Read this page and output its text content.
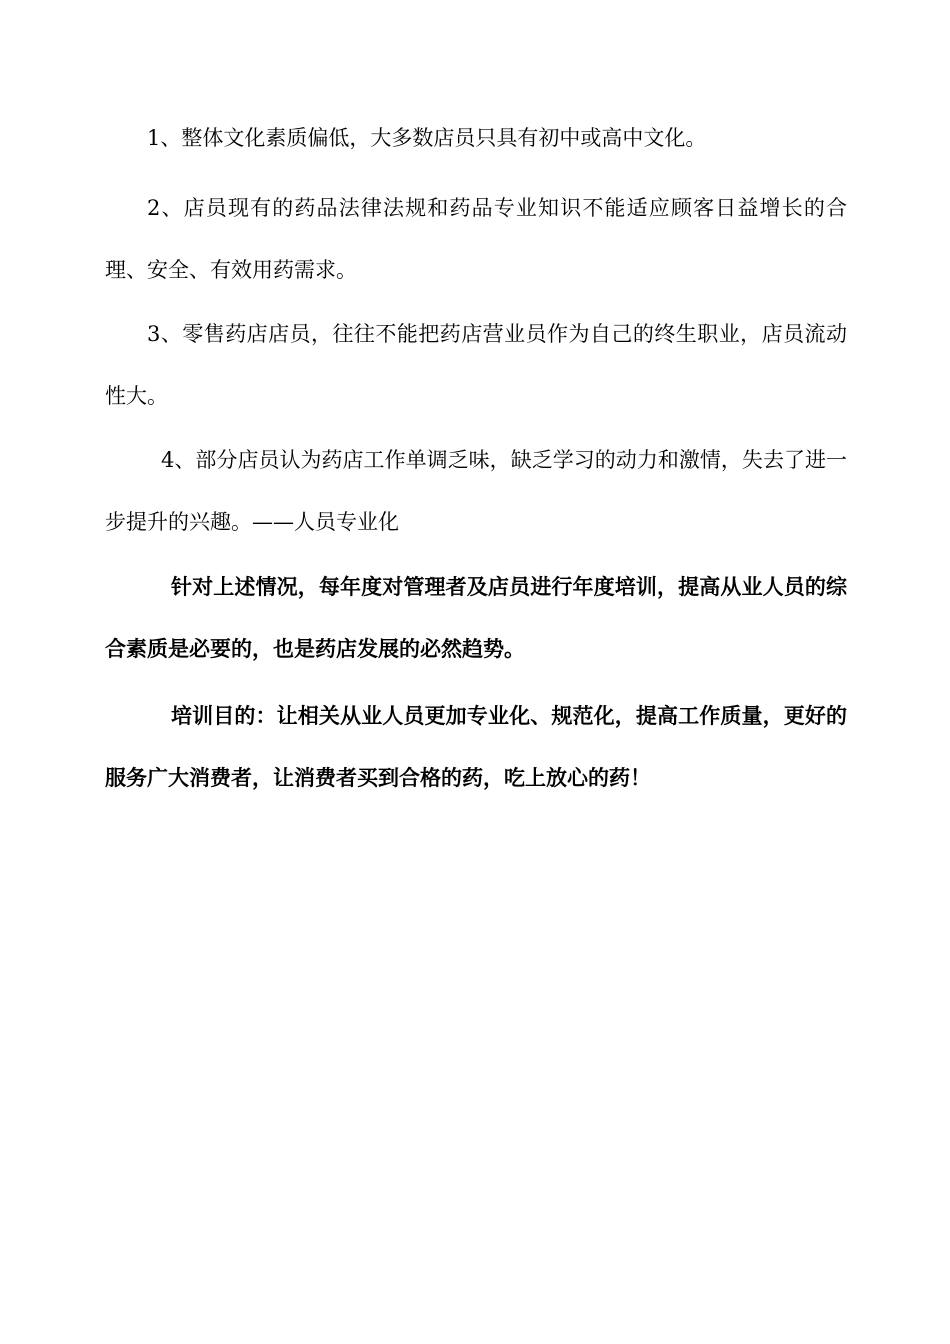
1、整体文化素质偏低，大多数店员只具有初中或高中文化。

2、店员现有的药品法律法规和药品专业知识不能适应顾客日益增长的合理、安全、有效用药需求。

3、零售药店店员，往往不能把药店营业员作为自己的终生职业，店员流动性大。

4、部分店员认为药店工作单调乏味，缺乏学习的动力和激情，失去了进一步提升的兴趣。——人员专业化

针对上述情况，每年度对管理者及店员进行年度培训，提高从业人员的综合素质是必要的，也是药店发展的必然趋势。

培训目的：让相关从业人员更加专业化、规范化，提高工作质量，更好的服务广大消费者，让消费者买到合格的药，吃上放心的药！
